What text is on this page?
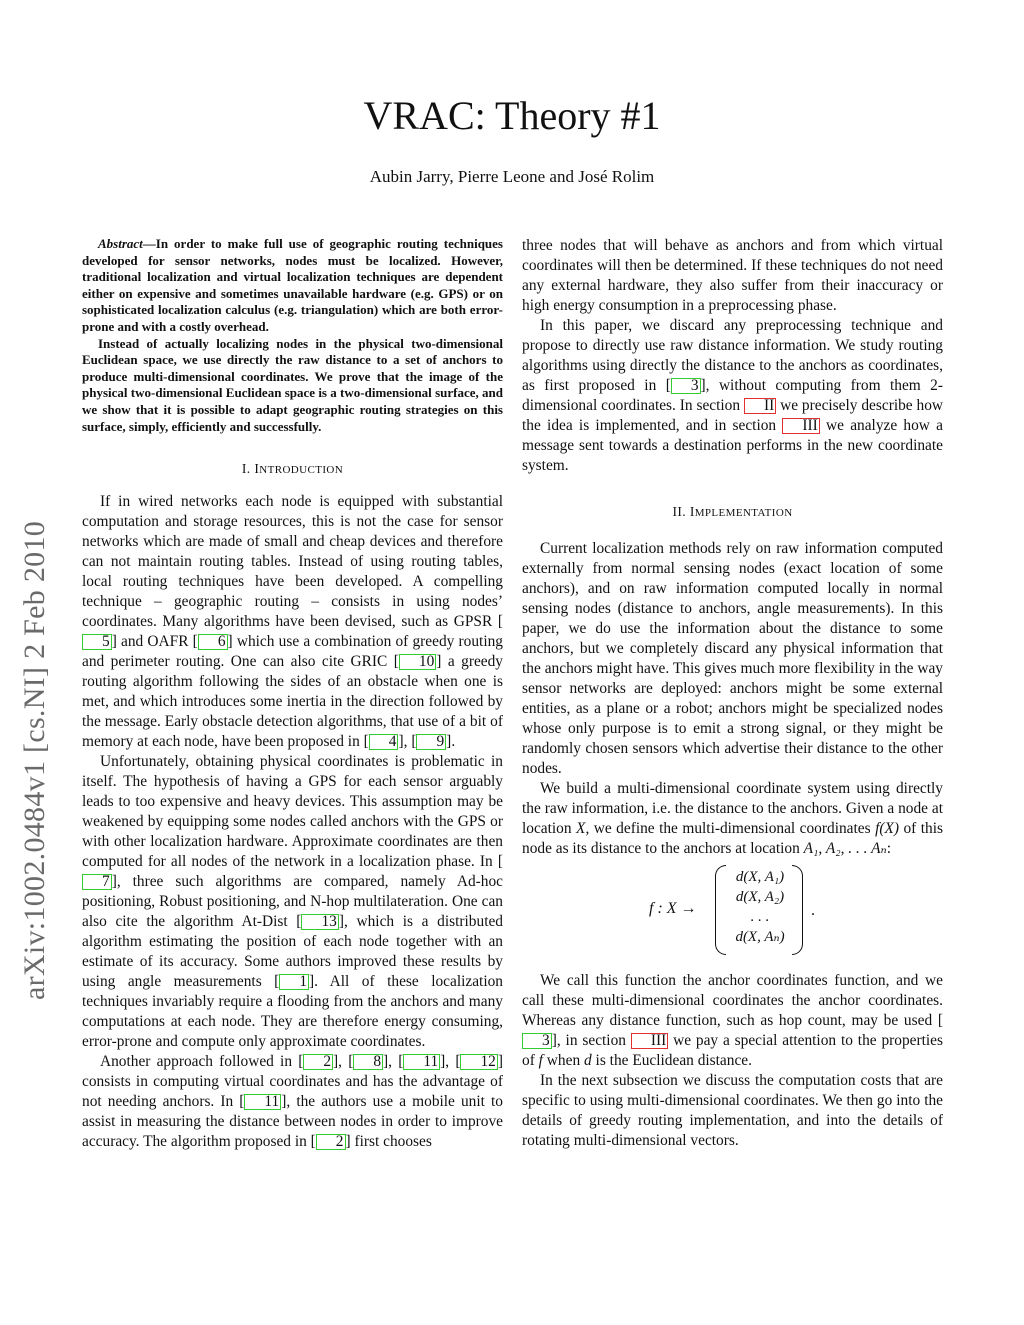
arXiv:1002.0484v1 [cs.NI] 2 Feb 2010
VRAC: Theory #1
Aubin Jarry, Pierre Leone and José Rolim

Abstract—In order to make full use of geographic routing techniques developed for sensor networks, nodes must be localized. However, traditional localization and virtual localization techniques are dependent either on expensive and sometimes unavailable hardware (e.g. GPS) or on sophisticated localization calculus (e.g. triangulation) which are both error-prone and with a costly overhead.

Instead of actually localizing nodes in the physical two-dimensional Euclidean space, we use directly the raw distance to a set of anchors to produce multi-dimensional coordinates. We prove that the image of the physical two-dimensional Euclidean space is a two-dimensional surface, and we show that it is possible to adapt geographic routing strategies on this surface, simply, efficiently and successfully.

I. INTRODUCTION

If in wired networks each node is equipped with substantial computation and storage resources, this is not the case for sensor networks which are made of small and cheap devices and therefore can not maintain routing tables. Instead of using routing tables, local routing techniques have been developed. A compelling technique – geographic routing – consists in using nodes’ coordinates. Many algorithms have been devised, such as GPSR [5 ] and OAFR [ 6 ] which use a combination of greedy routing and perimeter routing. One can also cite GRIC [ 10 ] a greedy routing algorithm following the sides of an obstacle when one is met, and which introduces some inertia in the direction followed by the message. Early obstacle detection algorithms, that use of a bit of memory at each node, have been proposed in [ 4 ], [ 9 ].

Unfortunately, obtaining physical coordinates is problematic in itself. The hypothesis of having a GPS for each sensor arguably leads to too expensive and heavy devices. This assumption may be weakened by equipping some nodes called anchors with the GPS or with other localization hardware. Approximate coordinates are then computed for all nodes of the network in a localization phase. In [7 ], three such algorithms are compared, namely Ad-hoc positioning, Robust positioning, and N-hop multilateration. One can also cite the algorithm At-Dist [ 13 ], which is a distributed algorithm estimating the position of each node together with an estimate of its accuracy. Some authors improved these results by using angle measurements [ 1 ]. All of these localization techniques invariably require a flooding from the anchors and many computations at each node. They are therefore energy consuming, error-prone and compute only approximate coordinates.

Another approach followed in [ 2 ], [ 8 ], [ 11 ], [ 12 ] consists in computing virtual coordinates and has the advantage of not needing anchors. In [ 11 ], the authors use a mobile unit to assist in measuring the distance between nodes in order to improve accuracy. The algorithm proposed in [ 2 ] first chooses

three nodes that will behave as anchors and from which virtual coordinates will then be determined. If these techniques do not need any external hardware, they also suffer from their inaccuracy or high energy consumption in a preprocessing phase.

In this paper, we discard any preprocessing technique and propose to directly use raw distance information. We study routing algorithms using directly the distance to the anchors as coordinates, as first proposed in [ 3 ], without computing from them 2-dimensional coordinates. In section II we precisely describe how the idea is implemented, and in section III we analyze how a message sent towards a destination performs in the new coordinate system.

II. IMPLEMENTATION

Current localization methods rely on raw information computed externally from normal sensing nodes (exact location of some anchors), and on raw information computed locally in normal sensing nodes (distance to anchors, angle measurements). In this paper, we do use the information about the distance to some anchors, but we completely discard any physical information that the anchors might have. This gives much more flexibility in the way sensor networks are deployed: anchors might be some external entities, as a plane or a robot; anchors might be specialized nodes whose only purpose is to emit a strong signal, or they might be randomly chosen sensors which advertise their distance to the other nodes.

We build a multi-dimensional coordinate system using directly the raw information, i.e. the distance to the anchors. Given a node at location X, we define the multi-dimensional coordinates f(X) of this node as its distance to the anchors at location A₁, A₂, . . . Aₙ:

f : X →
d(X, A₁)
d(X, A₂)
. . .
d(X, Aₙ)
.

We call this function the anchor coordinates function, and we call these multi-dimensional coordinates the anchor coordinates. Whereas any distance function, such as hop count, may be used [3 ], in section III we pay a special attention to the properties of f when d is the Euclidean distance.

In the next subsection we discuss the computation costs that are specific to using multi-dimensional coordinates. We then go into the details of greedy routing implementation, and into the details of rotating multi-dimensional vectors.
